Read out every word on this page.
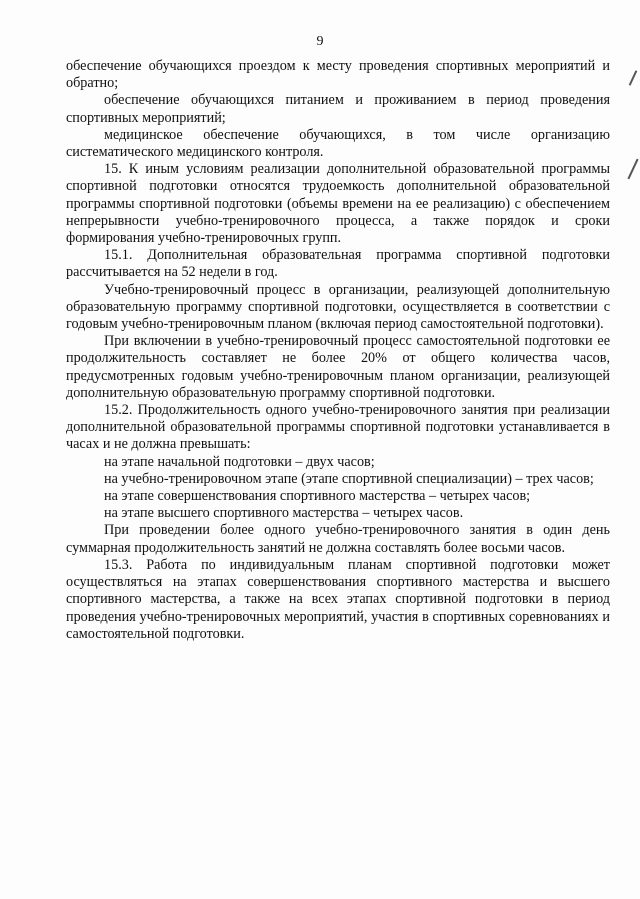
9

обеспечение обучающихся проездом к месту проведения спортивных мероприятий и обратно;

обеспечение обучающихся питанием и проживанием в период проведения спортивных мероприятий;

медицинское обеспечение обучающихся, в том числе организацию систематического медицинского контроля.

15. К иным условиям реализации дополнительной образовательной программы спортивной подготовки относятся трудоемкость дополнительной образовательной программы спортивной подготовки (объемы времени на ее реализацию) с обеспечением непрерывности учебно-тренировочного процесса, а также порядок и сроки формирования учебно-тренировочных групп.

15.1. Дополнительная образовательная программа спортивной подготовки рассчитывается на 52 недели в год.

Учебно-тренировочный процесс в организации, реализующей дополнительную образовательную программу спортивной подготовки, осуществляется в соответствии с годовым учебно-тренировочным планом (включая период самостоятельной подготовки).

При включении в учебно-тренировочный процесс самостоятельной подготовки ее продолжительность составляет не более 20% от общего количества часов, предусмотренных годовым учебно-тренировочным планом организации, реализующей дополнительную образовательную программу спортивной подготовки.

15.2. Продолжительность одного учебно-тренировочного занятия при реализации дополнительной образовательной программы спортивной подготовки устанавливается в часах и не должна превышать:

на этапе начальной подготовки – двух часов;

на учебно-тренировочном этапе (этапе спортивной специализации) – трех часов;

на этапе совершенствования спортивного мастерства – четырех часов;

на этапе высшего спортивного мастерства – четырех часов.

При проведении более одного учебно-тренировочного занятия в один день суммарная продолжительность занятий не должна составлять более восьми часов.

15.3. Работа по индивидуальным планам спортивной подготовки может осуществляться на этапах совершенствования спортивного мастерства и высшего спортивного мастерства, а также на всех этапах спортивной подготовки в период проведения учебно-тренировочных мероприятий, участия в спортивных соревнованиях и самостоятельной подготовки.
